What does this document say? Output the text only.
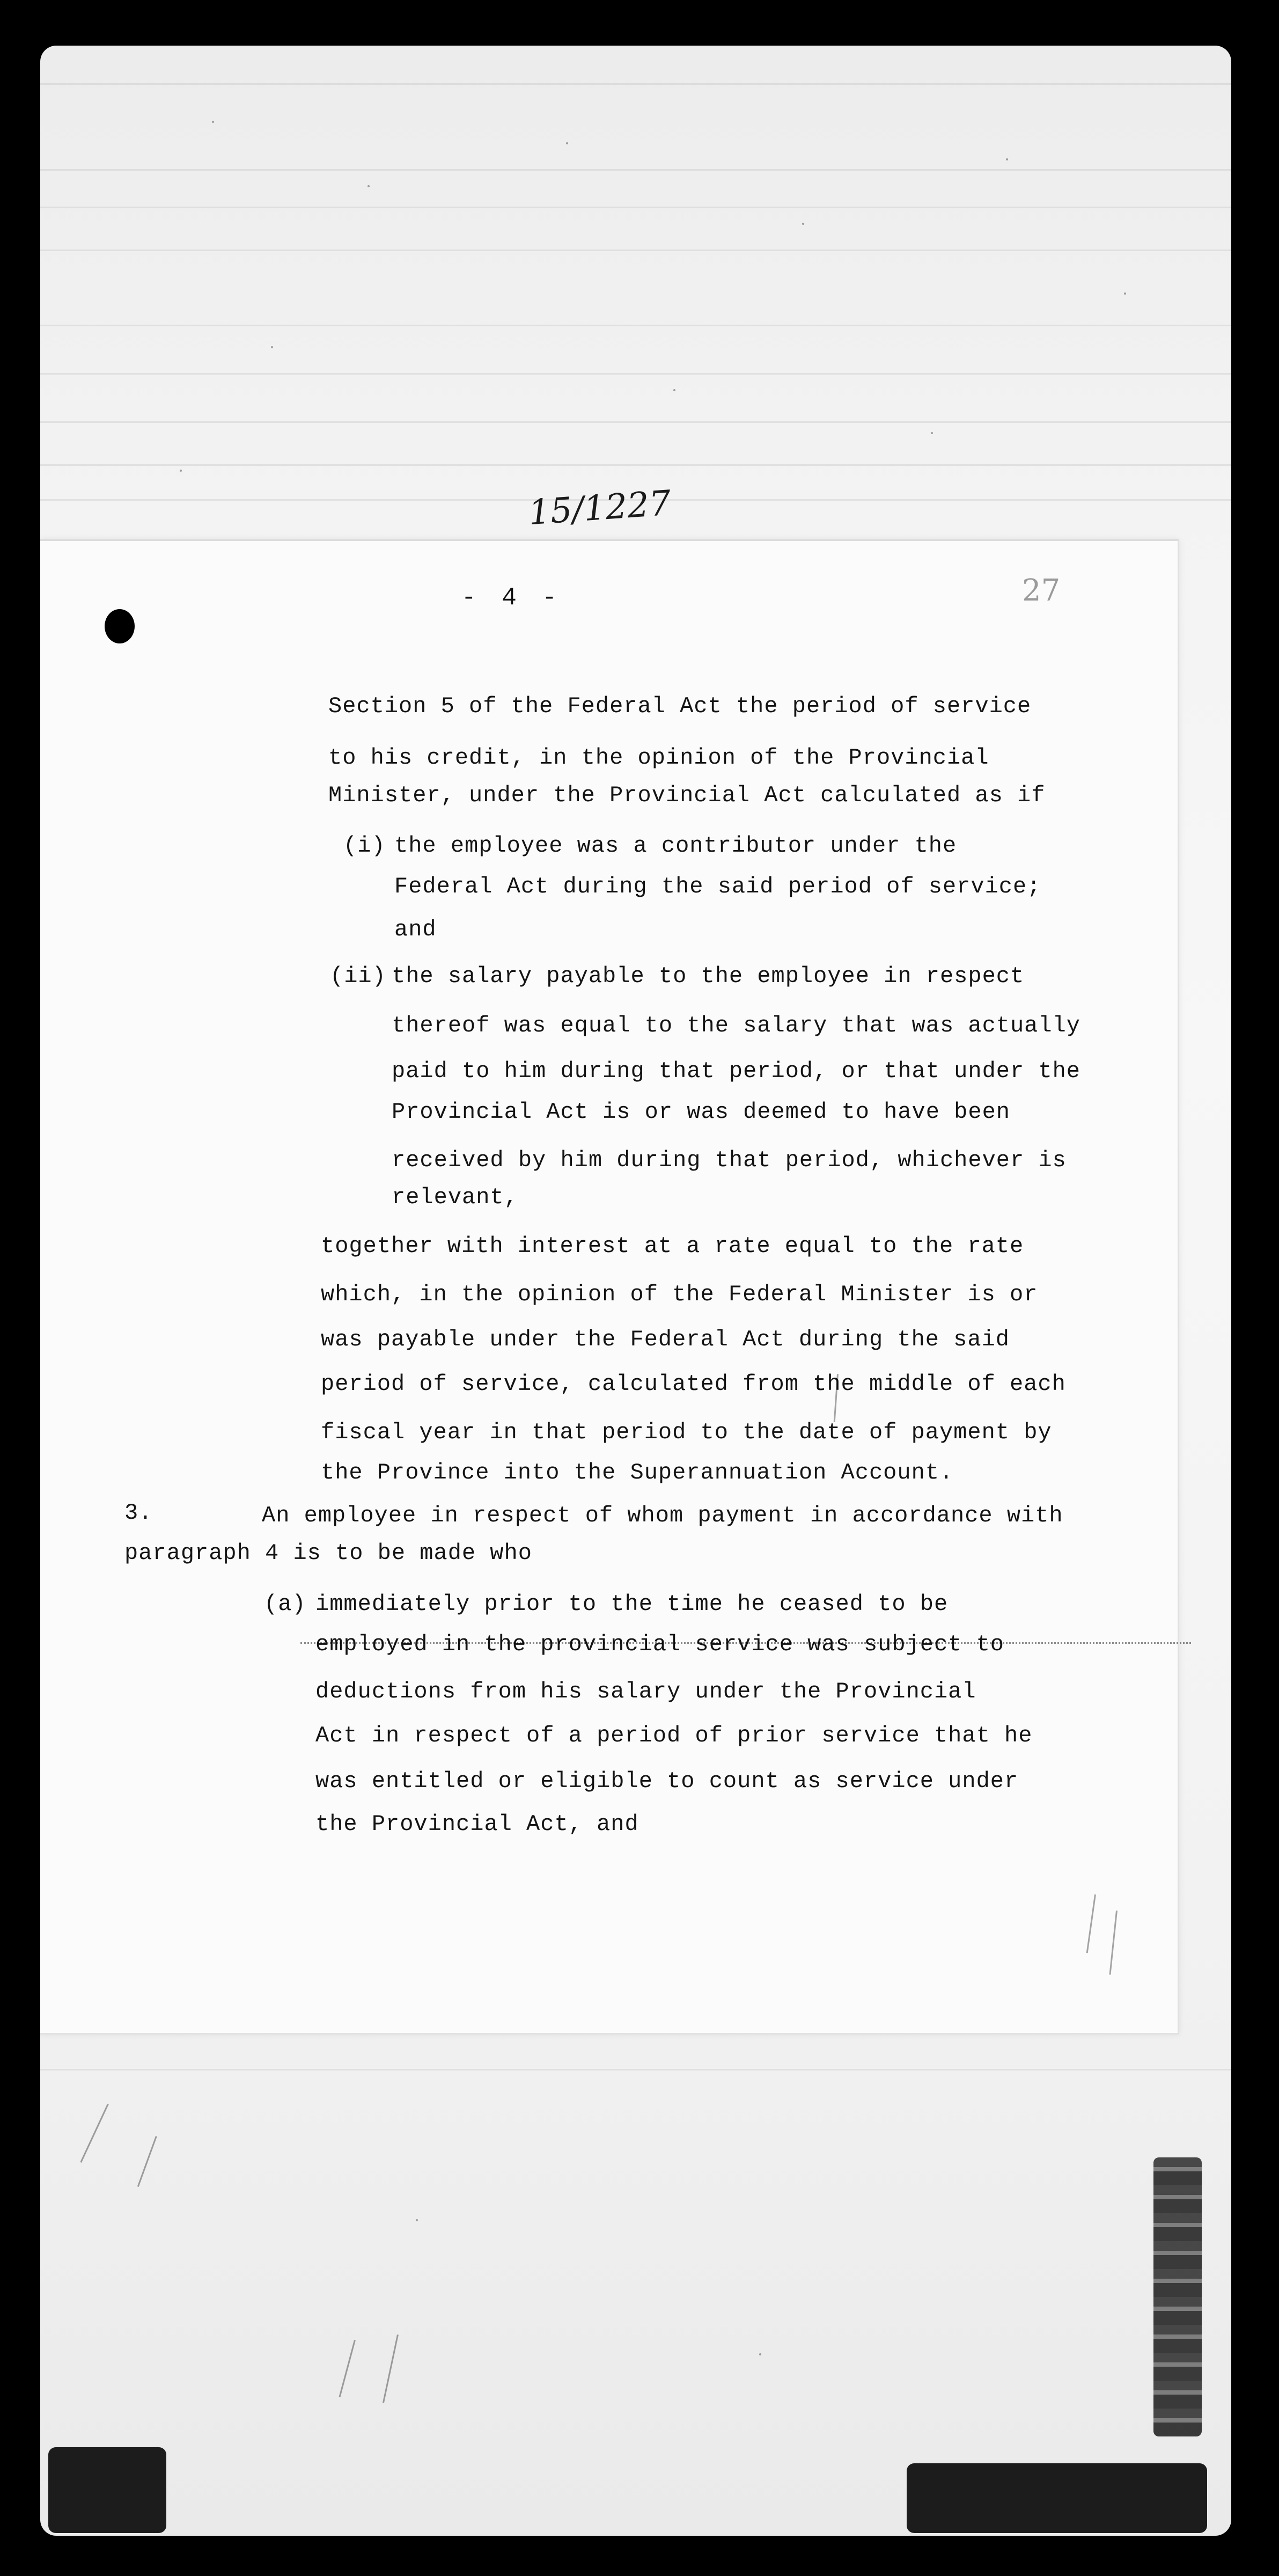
15/1227
- 4 -	27
Section 5 of the Federal Act the period of service
to his credit, in the opinion of the Provincial
Minister, under the Provincial Act calculated as if
(i) the employee was a contributor under the
Federal Act during the said period of service;
and
(ii) the salary payable to the employee in respect
thereof was equal to the salary that was actually
paid to him during that period, or that under the
Provincial Act is or was deemed to have been
received by him during that period, whichever is
relevant,
together with interest at a rate equal to the rate
which, in the opinion of the Federal Minister is or
was payable under the Federal Act during the said
period of service, calculated from the middle of each
fiscal year in that period to the date of payment by
the Province into the Superannuation Account.
3.	An employee in respect of whom payment in accordance with
paragraph 4 is to be made who
(a) immediately prior to the time he ceased to be
employed in the provincial service was subject to
deductions from his salary under the Provincial
Act in respect of a period of prior service that he
was entitled or eligible to count as service under
the Provincial Act, and
